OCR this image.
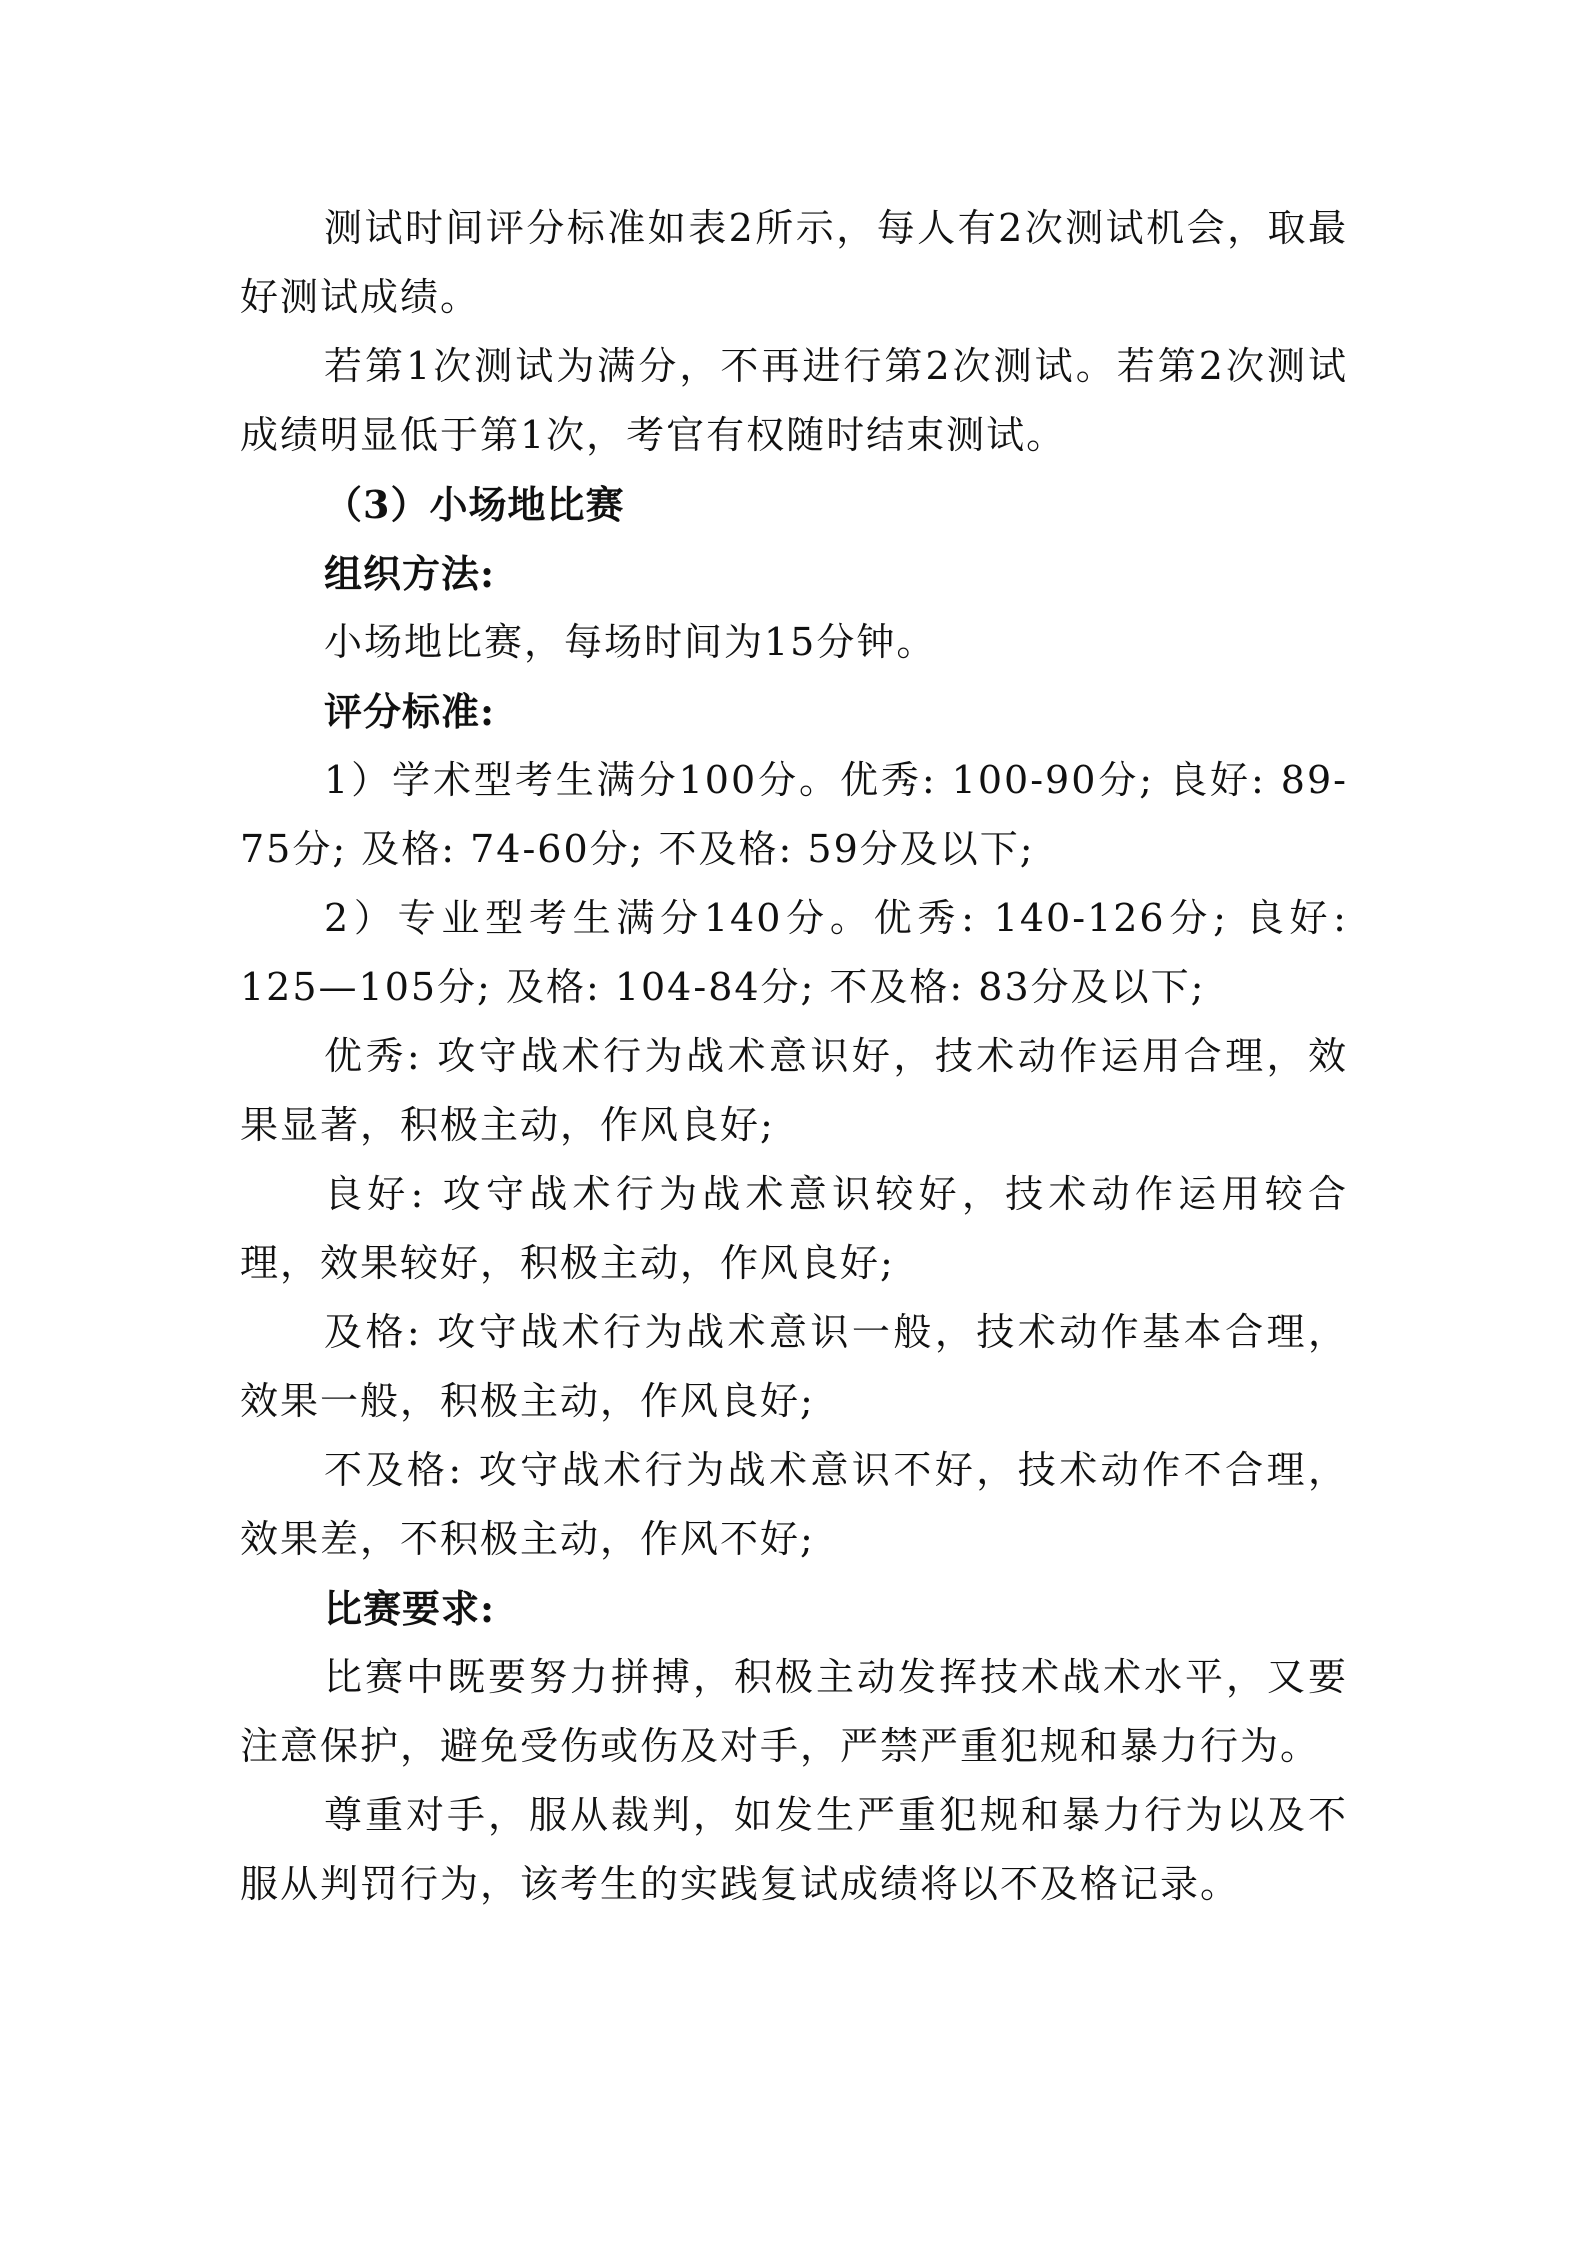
测试时间评分标准如表2所示，每人有2次测试机会，取最好测试成绩。

若第1次测试为满分，不再进行第2次测试。若第2次测试成绩明显低于第1次，考官有权随时结束测试。

（3）小场地比赛

组织方法:

小场地比赛，每场时间为15分钟。

评分标准:

1）学术型考生满分100分。优秀: 100-90分; 良好: 89-75分; 及格: 74-60分; 不及格: 59分及以下;

2）专业型考生满分140分。优秀: 140-126分; 良好: 125—105分; 及格: 104-84分; 不及格: 83分及以下;

优秀: 攻守战术行为战术意识好，技术动作运用合理，效果显著，积极主动，作风良好;

良好: 攻守战术行为战术意识较好，技术动作运用较合理，效果较好，积极主动，作风良好;

及格: 攻守战术行为战术意识一般，技术动作基本合理，效果一般，积极主动，作风良好;

不及格: 攻守战术行为战术意识不好，技术动作不合理，效果差，不积极主动，作风不好;

比赛要求:

比赛中既要努力拼搏，积极主动发挥技术战术水平，又要注意保护，避免受伤或伤及对手，严禁严重犯规和暴力行为。

尊重对手，服从裁判，如发生严重犯规和暴力行为以及不服从判罚行为，该考生的实践复试成绩将以不及格记录。
